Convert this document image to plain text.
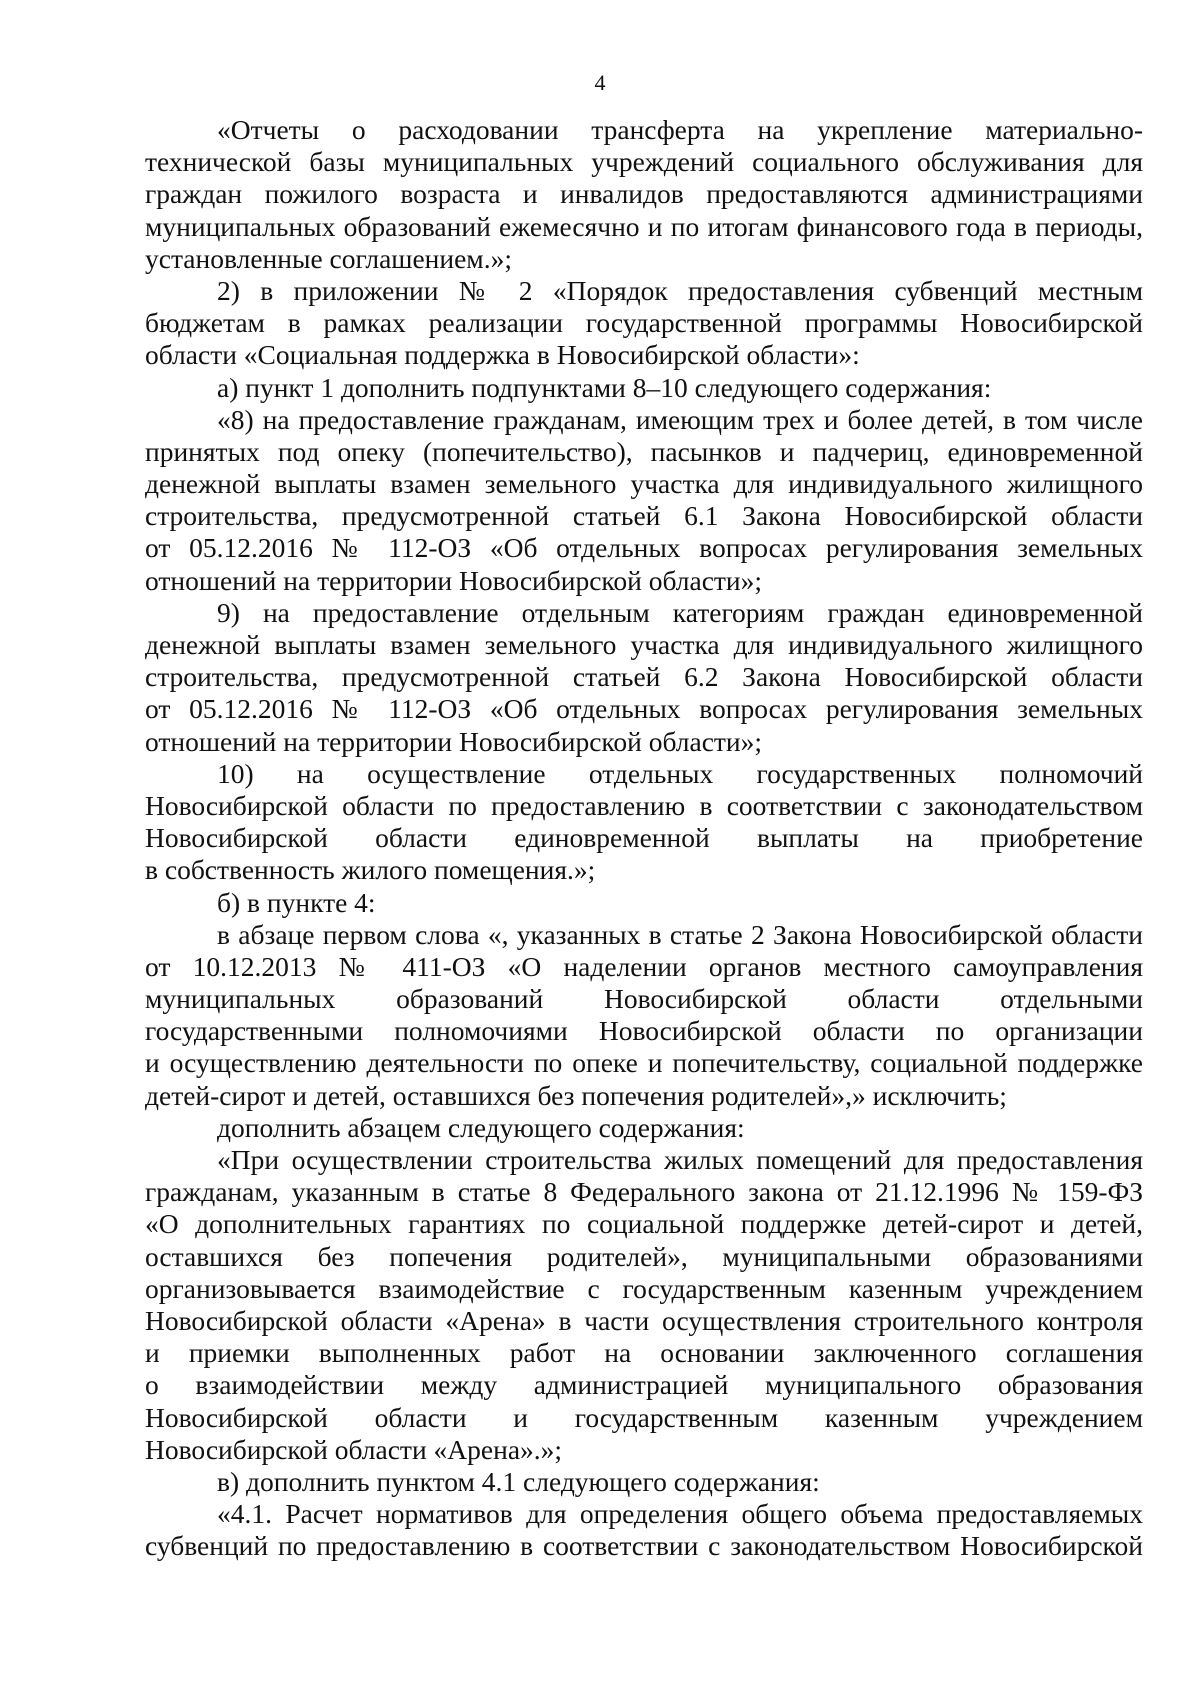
4
«Отчеты о расходовании трансферта на укрепление материально-
технической базы муниципальных учреждений социального обслуживания для
граждан пожилого возраста и инвалидов предоставляются администрациями
муниципальных образований ежемесячно и по итогам финансового года в периоды,
установленные соглашением.»;
2) в приложении № 2 «Порядок предоставления субвенций местным
бюджетам в рамках реализации государственной программы Новосибирской
области «Социальная поддержка в Новосибирской области»:
а) пункт 1 дополнить подпунктами 8–10 следующего содержания:
«8) на предоставление гражданам, имеющим трех и более детей, в том числе
принятых под опеку (попечительство), пасынков и падчериц, единовременной
денежной выплаты взамен земельного участка для индивидуального жилищного
строительства, предусмотренной статьей 6.1 Закона Новосибирской области
от 05.12.2016 № 112-ОЗ «Об отдельных вопросах регулирования земельных
отношений на территории Новосибирской области»;
9) на предоставление отдельным категориям граждан единовременной
денежной выплаты взамен земельного участка для индивидуального жилищного
строительства, предусмотренной статьей 6.2 Закона Новосибирской области
от 05.12.2016 № 112-ОЗ «Об отдельных вопросах регулирования земельных
отношений на территории Новосибирской области»;
10) на осуществление отдельных государственных полномочий
Новосибирской области по предоставлению в соответствии с законодательством
Новосибирской области единовременной выплаты на приобретение
в собственность жилого помещения.»;
б) в пункте 4:
в абзаце первом слова «, указанных в статье 2 Закона Новосибирской области
от 10.12.2013 № 411-ОЗ «О наделении органов местного самоуправления
муниципальных образований Новосибирской области отдельными
государственными полномочиями Новосибирской области по организации
и осуществлению деятельности по опеке и попечительству, социальной поддержке
детей-сирот и детей, оставшихся без попечения родителей»,» исключить;
дополнить абзацем следующего содержания:
«При осуществлении строительства жилых помещений для предоставления
гражданам, указанным в статье 8 Федерального закона от 21.12.1996 № 159-ФЗ
«О дополнительных гарантиях по социальной поддержке детей-сирот и детей,
оставшихся без попечения родителей», муниципальными образованиями
организовывается взаимодействие с государственным казенным учреждением
Новосибирской области «Арена» в части осуществления строительного контроля
и приемки выполненных работ на основании заключенного соглашения
о взаимодействии между администрацией муниципального образования
Новосибирской области и государственным казенным учреждением
Новосибирской области «Арена».»;
в) дополнить пунктом 4.1 следующего содержания:
«4.1. Расчет нормативов для определения общего объема предоставляемых
субвенций по предоставлению в соответствии с законодательством Новосибирской
